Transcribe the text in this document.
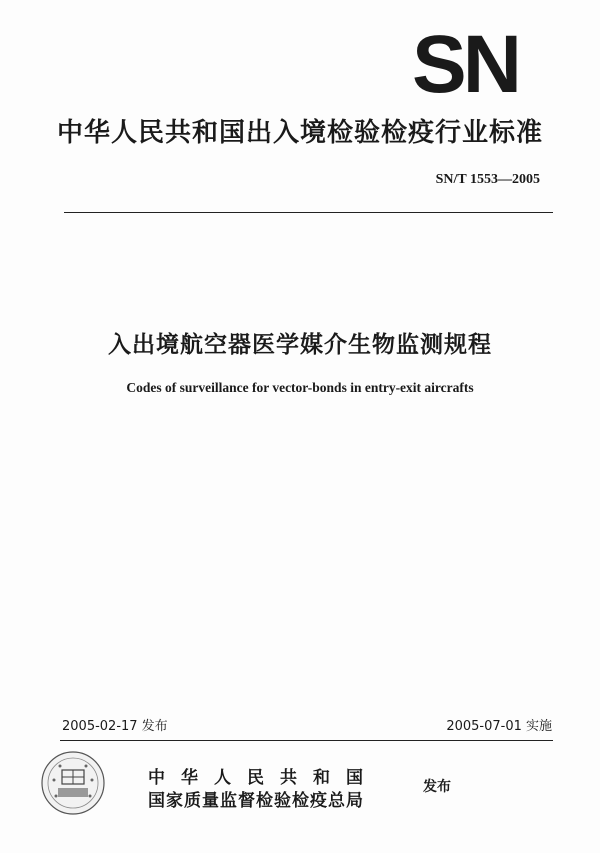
SN
中华人民共和国出入境检验检疫行业标准
SN/T 1553—2005
入出境航空器医学媒介生物监测规程
Codes of surveillance for vector-bonds in entry-exit aircrafts
2005-02-17 发布	2005-07-01 实施
中华人民共和国
国家质量监督检验检疫总局
发布
